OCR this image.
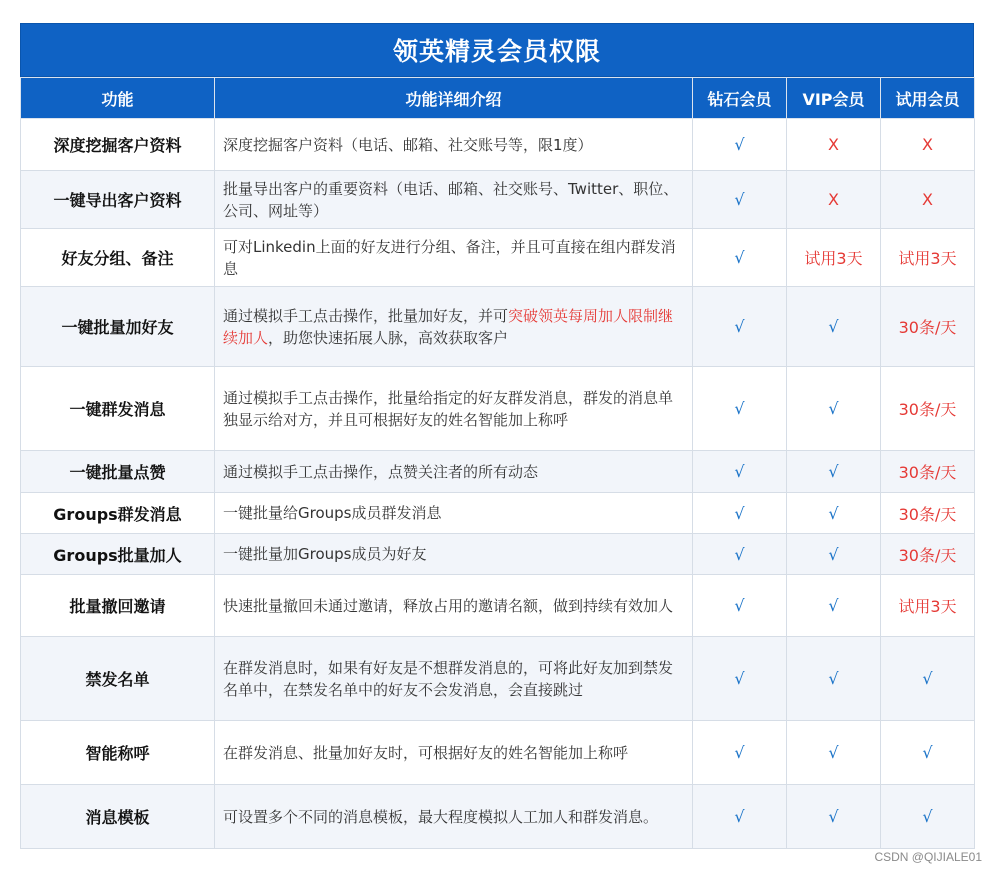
领英精灵会员权限
功能	功能详细介绍	钻石会员	VIP会员	试用会员
深度挖掘客户资料	深度挖掘客户资料（电话、邮箱、社交账号等，限1度）	√	X	X
一键导出客户资料	批量导出客户的重要资料（电话、邮箱、社交账号、Twitter、职位、公司、网址等）	√	X	X
好友分组、备注	可对Linkedin上面的好友进行分组、备注，并且可直接在组内群发消息	√	试用3天	试用3天
一键批量加好友	通过模拟手工点击操作，批量加好友，并可突破领英每周加人限制继续加人，助您快速拓展人脉，高效获取客户	√	√	30条/天
一键群发消息	通过模拟手工点击操作，批量给指定的好友群发消息，群发的消息单独显示给对方，并且可根据好友的姓名智能加上称呼	√	√	30条/天
一键批量点赞	通过模拟手工点击操作，点赞关注者的所有动态	√	√	30条/天
Groups群发消息	一键批量给Groups成员群发消息	√	√	30条/天
Groups批量加人	一键批量加Groups成员为好友	√	√	30条/天
批量撤回邀请	快速批量撤回未通过邀请，释放占用的邀请名额，做到持续有效加人	√	√	试用3天
禁发名单	在群发消息时，如果有好友是不想群发消息的，可将此好友加到禁发名单中，在禁发名单中的好友不会发消息，会直接跳过	√	√	√
智能称呼	在群发消息、批量加好友时，可根据好友的姓名智能加上称呼	√	√	√
消息模板	可设置多个不同的消息模板，最大程度模拟人工加人和群发消息。	√	√	√
CSDN @QIJIALE01
